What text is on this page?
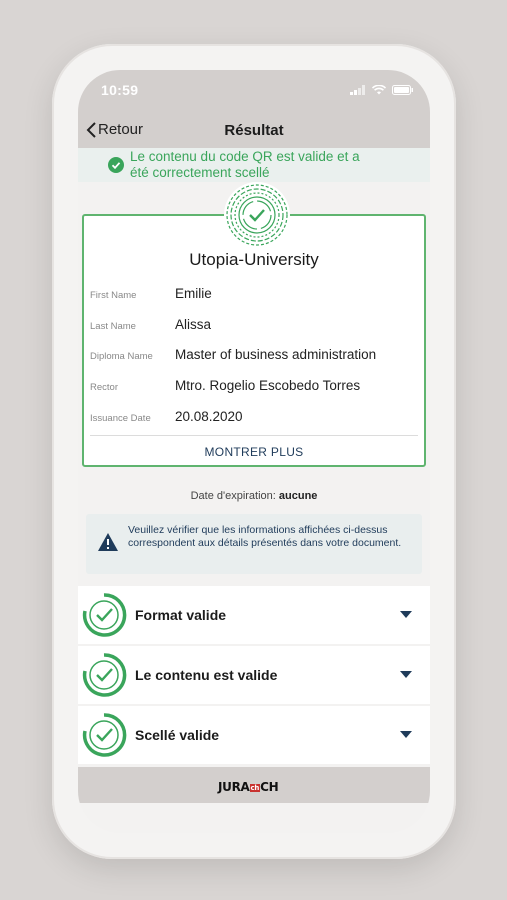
10:59
Retour	Résultat
Le contenu du code QR est valide et a été correctement scellé
Utopia-University
First Name	Emilie
Last Name	Alissa
Diploma Name	Master of business administration
Rector	Mtro. Rogelio Escobedo Torres
Issuance Date	20.08.2020
MONTRER PLUS
Date d'expiration: aucune
Veuillez vérifier que les informations affichées ci-dessus correspondent aux détails présentés dans votre document.
Format valide
Le contenu est valide
Scellé valide
JURAchCH
